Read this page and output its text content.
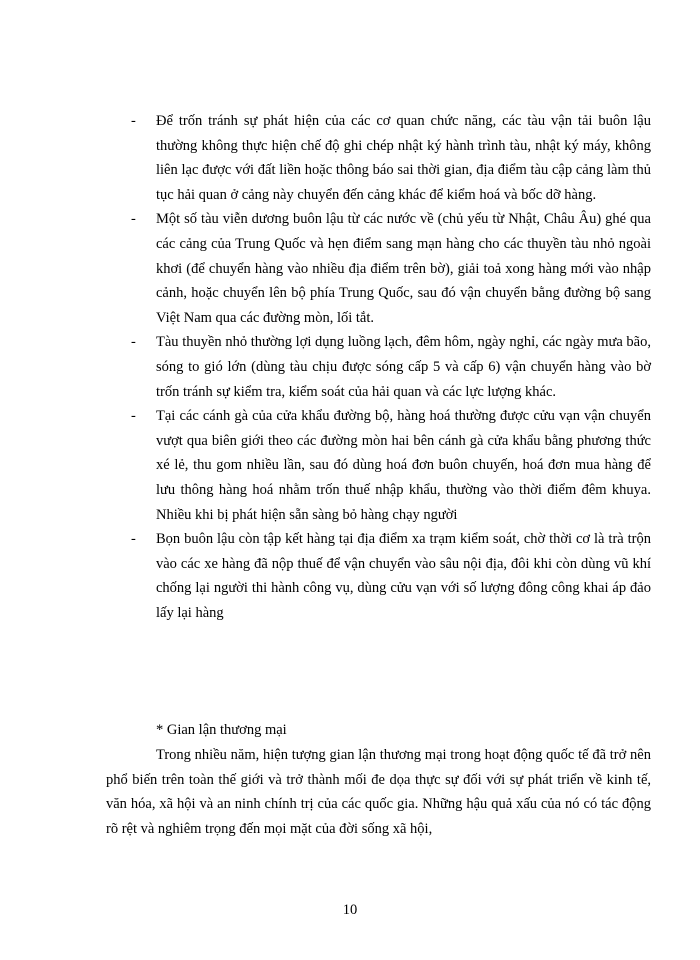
-	Để trốn tránh sự phát hiện của các cơ quan chức năng, các tàu vận tải buôn lậu thường không thực hiện chế độ ghi chép nhật ký hành trình tàu, nhật ký máy, không liên lạc được với đất liền hoặc thông báo sai thời gian, địa điểm tàu cập cảng làm thủ tục hải quan ở cảng này chuyển đến cảng khác để kiểm hoá và bốc dỡ hàng.
-	Một số tàu viễn dương buôn lậu từ các nước về (chủ yếu từ Nhật, Châu Âu) ghé qua các cảng của Trung Quốc và hẹn điểm sang mạn hàng cho các thuyền tàu nhỏ ngoài khơi (để chuyển hàng vào nhiều địa điểm trên bờ), giải toả xong hàng mới vào nhập cảnh, hoặc chuyển lên bộ phía Trung Quốc, sau đó vận chuyển bằng đường bộ sang Việt Nam qua các đường mòn, lối tắt.
-	Tàu thuyền nhỏ thường lợi dụng luồng lạch, đêm hôm, ngày nghỉ, các ngày mưa bão, sóng to gió lớn (dùng tàu chịu được sóng cấp 5 và cấp 6) vận chuyển hàng vào bờ trốn tránh sự kiểm tra, kiểm soát của hải quan và các lực lượng khác.
-	Tại các cánh gà của cửa khẩu đường bộ, hàng hoá thường được cửu vạn vận chuyển vượt qua biên giới theo các đường mòn hai bên cánh gà cửa khẩu bằng phương thức xé lẻ, thu gom nhiều lần, sau đó dùng hoá đơn buôn chuyến, hoá đơn mua hàng để lưu thông hàng hoá nhằm trốn thuế nhập khẩu, thường vào thời điểm đêm khuya. Nhiều khi bị phát hiện sẵn sàng bỏ hàng chạy người
-	Bọn buôn lậu còn tập kết hàng tại địa điểm xa trạm kiểm soát, chờ thời cơ là trà trộn vào các xe hàng đã nộp thuế để vận chuyển vào sâu nội địa, đôi khi còn dùng vũ khí chống lại người thi hành công vụ, dùng cửu vạn với số lượng đông công khai áp đảo lấy lại hàng

* Gian lận thương mại

Trong nhiều năm, hiện tượng gian lận thương mại trong hoạt động quốc tế đã trở nên phổ biến trên toàn thế giới và trở thành mối đe dọa thực sự đối với sự phát triển về kinh tế, văn hóa, xã hội và an ninh chính trị của các quốc gia. Những hậu quả xấu của nó có tác động rõ rệt và nghiêm trọng đến mọi mặt của đời sống xã hội,

10
